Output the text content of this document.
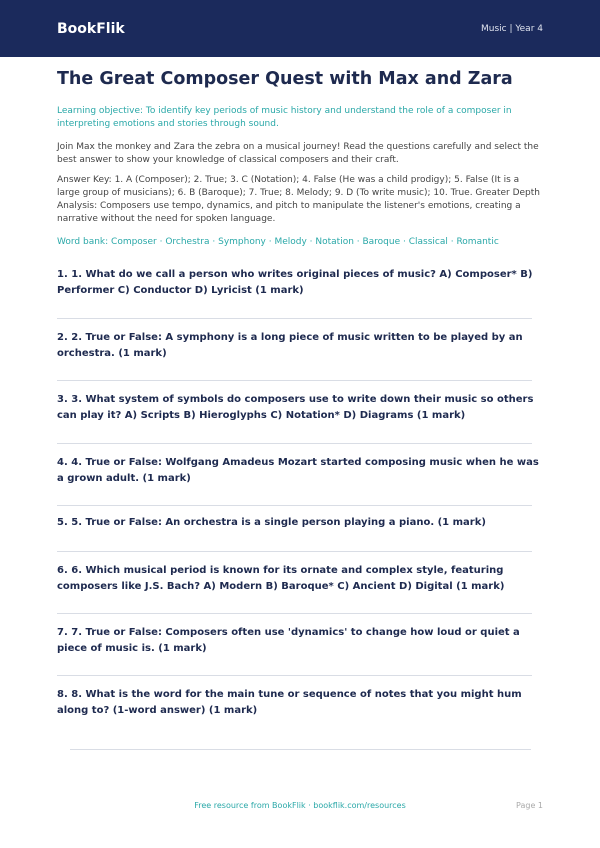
BookFlik	Music | Year 4
The Great Composer Quest with Max and Zara
Learning objective: To identify key periods of music history and understand the role of a composer in interpreting emotions and stories through sound.
Join Max the monkey and Zara the zebra on a musical journey! Read the questions carefully and select the best answer to show your knowledge of classical composers and their craft.
Answer Key: 1. A (Composer); 2. True; 3. C (Notation); 4. False (He was a child prodigy); 5. False (It is a large group of musicians); 6. B (Baroque); 7. True; 8. Melody; 9. D (To write music); 10. True. Greater Depth Analysis: Composers use tempo, dynamics, and pitch to manipulate the listener's emotions, creating a narrative without the need for spoken language.
Word bank: Composer · Orchestra · Symphony · Melody · Notation · Baroque · Classical · Romantic
1. 1. What do we call a person who writes original pieces of music? A) Composer* B) Performer C) Conductor D) Lyricist (1 mark)
2. 2. True or False: A symphony is a long piece of music written to be played by an orchestra. (1 mark)
3. 3. What system of symbols do composers use to write down their music so others can play it? A) Scripts B) Hieroglyphs C) Notation* D) Diagrams (1 mark)
4. 4. True or False: Wolfgang Amadeus Mozart started composing music when he was a grown adult. (1 mark)
5. 5. True or False: An orchestra is a single person playing a piano. (1 mark)
6. 6. Which musical period is known for its ornate and complex style, featuring composers like J.S. Bach? A) Modern B) Baroque* C) Ancient D) Digital (1 mark)
7. 7. True or False: Composers often use 'dynamics' to change how loud or quiet a piece of music is. (1 mark)
8. 8. What is the word for the main tune or sequence of notes that you might hum along to? (1-word answer) (1 mark)
Free resource from BookFlik · bookflik.com/resources	Page 1
